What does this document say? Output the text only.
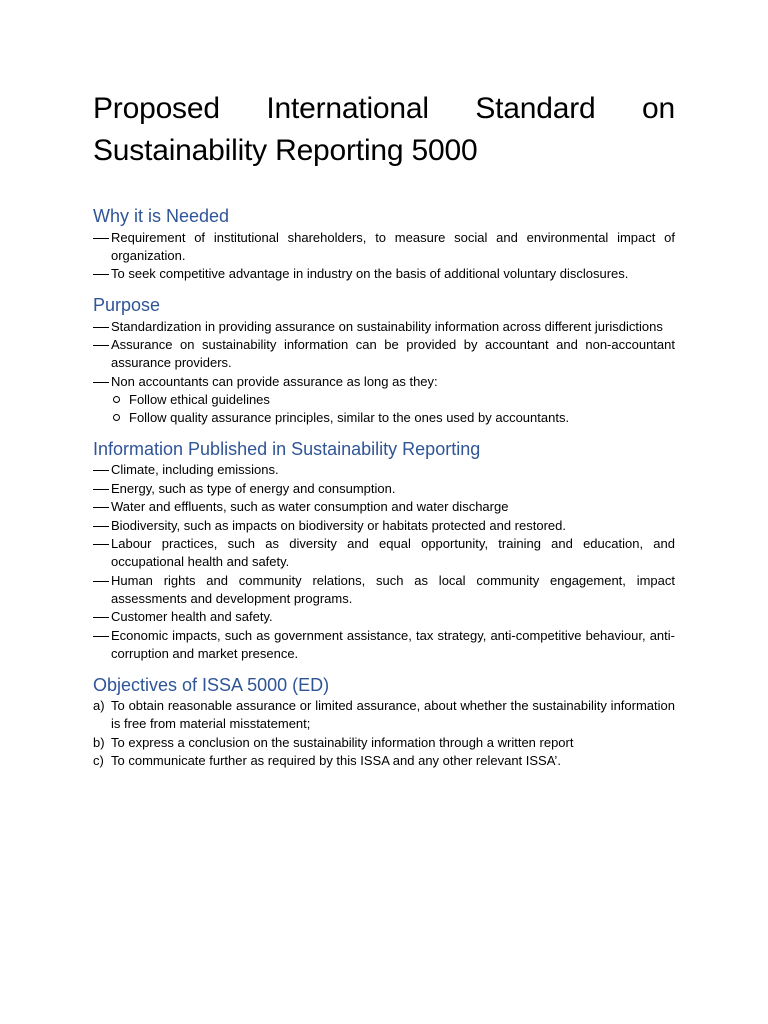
Proposed International Standard on Sustainability Reporting 5000
Why it is Needed
Requirement of institutional shareholders, to measure social and environmental impact of organization.
To seek competitive advantage in industry on the basis of additional voluntary disclosures.
Purpose
Standardization in providing assurance on sustainability information across different jurisdictions
Assurance on sustainability information can be provided by accountant and non-accountant assurance providers.
Non accountants can provide assurance as long as they:
Follow ethical guidelines
Follow quality assurance principles, similar to the ones used by accountants.
Information Published in Sustainability Reporting
Climate, including emissions.
Energy, such as type of energy and consumption.
Water and effluents, such as water consumption and water discharge
Biodiversity, such as impacts on biodiversity or habitats protected and restored.
Labour practices, such as diversity and equal opportunity, training and education, and occupational health and safety.
Human rights and community relations, such as local community engagement, impact assessments and development programs.
Customer health and safety.
Economic impacts, such as government assistance, tax strategy, anti-competitive behaviour, anti-corruption and market presence.
Objectives of ISSA 5000 (ED)
a) To obtain reasonable assurance or limited assurance, about whether the sustainability information is free from material misstatement;
b) To express a conclusion on the sustainability information through a written report
c) To communicate further as required by this ISSA and any other relevant ISSA’.
